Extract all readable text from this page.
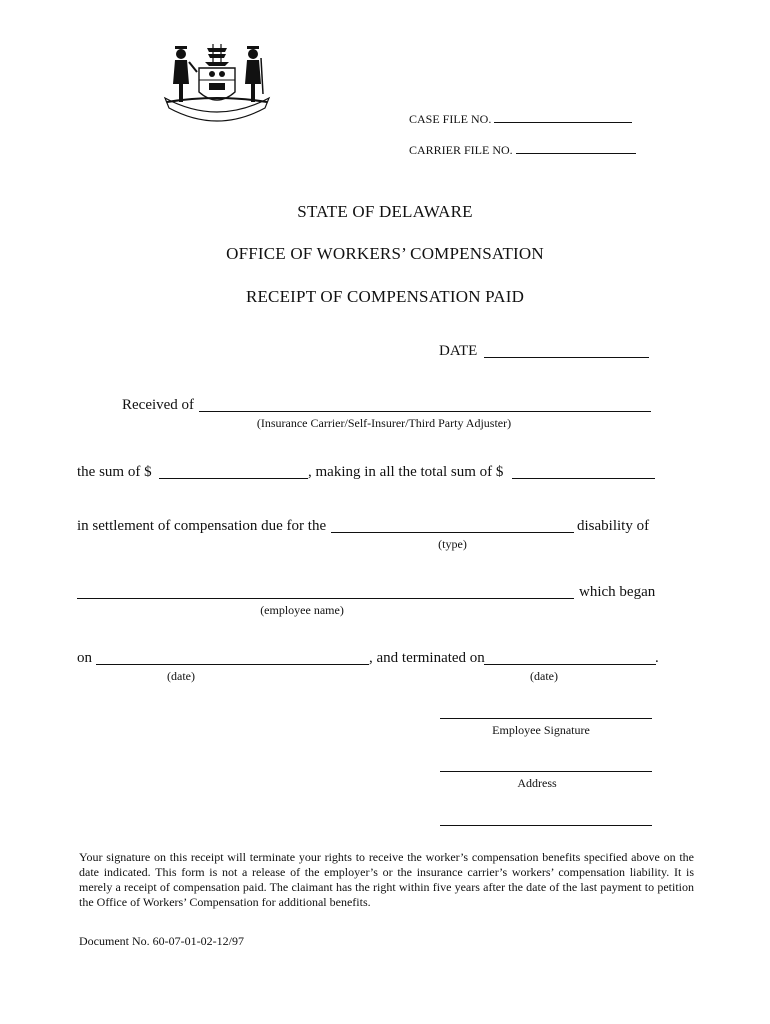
CASE FILE NO.
CARRIER FILE NO.
STATE OF DELAWARE
OFFICE OF WORKERS’ COMPENSATION
RECEIPT OF COMPENSATION PAID
DATE
Received of
(Insurance Carrier/Self-Insurer/Third Party Adjuster)
the sum of $	, making in all the total sum of $
in settlement of compensation due for the	disability of
(type)
which began
(employee name)
on	, and terminated on	.
(date)	(date)
Employee Signature
Address
Your signature on this receipt will terminate your rights to receive the worker’s compensation benefits specified above on the date indicated. This form is not a release of the employer’s or the insurance carrier’s workers’ compensation liability. It is merely a receipt of compensation paid. The claimant has the right within five years after the date of the last payment to petition the Office of Workers’ Compensation for additional benefits.
Document No. 60-07-01-02-12/97
